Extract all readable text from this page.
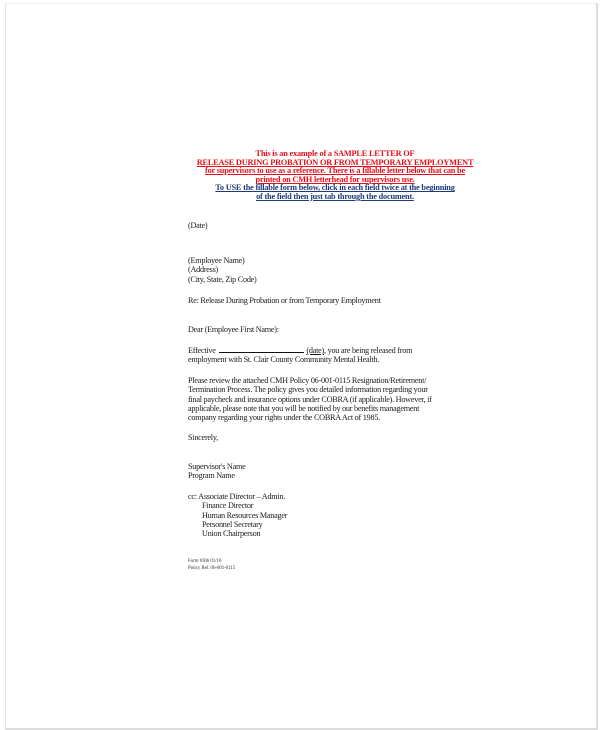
This is an example of a SAMPLE LETTER OF
RELEASE DURING PROBATION OR FROM TEMPORARY EMPLOYMENT
for supervisors to use as a reference. There is a fillable letter below that can be
printed on CMH letterhead for supervisors use.
To USE the fillable form below, click in each field twice at the beginning
of the field then just tab through the document.
(Date)
(Employee Name)
(Address)
(City, State, Zip Code)
Re: Release During Probation or from Temporary Employment
Dear (Employee First Name):
Effective	(date), you are being released from
employment with St. Clair County Community Mental Health.
Please review the attached CMH Policy 06-001-0115 Resignation/Retirement/
Termination Process. The policy gives you detailed information regarding your
final paycheck and insurance options under COBRA (if applicable). However, if
applicable, please note that you will be notified by our benefits management
company regarding your rights under the COBRA Act of 1985.
Sincerely,
Supervisor's Name
Program Name
cc: Associate Director – Admin.
Finance Director
Human Resources Manager
Personnel Secretary
Union Chairperson
Form #306 01/16
Policy Ref. 06-001-0115
